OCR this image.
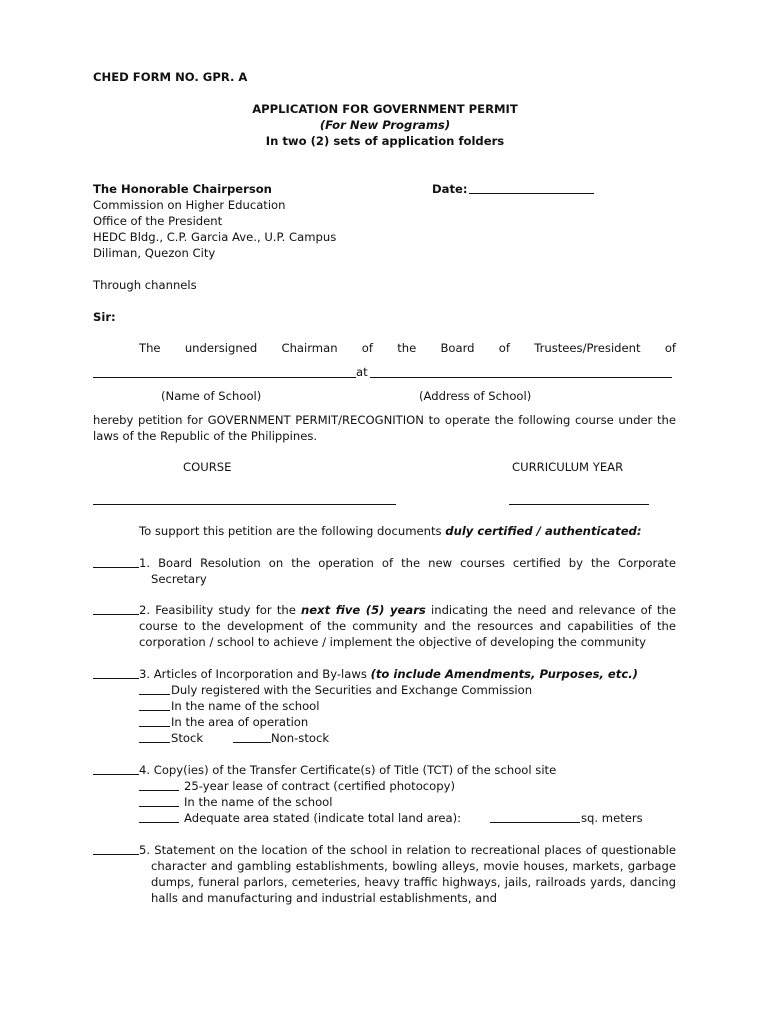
CHED FORM NO. GPR. A
APPLICATION FOR GOVERNMENT PERMIT
(For New Programs)
In two (2) sets of application folders
The Honorable Chairperson
Commission on Higher Education
Office of the President
HEDC Bldg., C.P. Garcia Ave., U.P. Campus
Diliman, Quezon City
Date:
Through channels
Sir:
The undersigned Chairman of the Board of Trustees/President of
at
(Name of School)	(Address of School)
hereby petition for GOVERNMENT PERMIT/RECOGNITION to operate the following course under the laws of the Republic of the Philippines.
COURSE	CURRICULUM YEAR
To support this petition are the following documents duly certified / authenticated:
1. Board Resolution on the operation of the new courses certified by the Corporate Secretary
2. Feasibility study for the next five (5) years indicating the need and relevance of the course to the development of the community and the resources and capabilities of the corporation / school to achieve / implement the objective of developing the community
3. Articles of Incorporation and By-laws (to include Amendments, Purposes, etc.)
Duly registered with the Securities and Exchange Commission
In the name of the school
In the area of operation
Stock	Non-stock
4. Copy(ies) of the Transfer Certificate(s) of Title (TCT) of the school site
25-year lease of contract (certified photocopy)
In the name of the school
Adequate area stated (indicate total land area):	sq. meters
5. Statement on the location of the school in relation to recreational places of questionable character and gambling establishments, bowling alleys, movie houses, markets, garbage dumps, funeral parlors, cemeteries, heavy traffic highways, jails, railroads yards, dancing halls and manufacturing and industrial establishments, and
